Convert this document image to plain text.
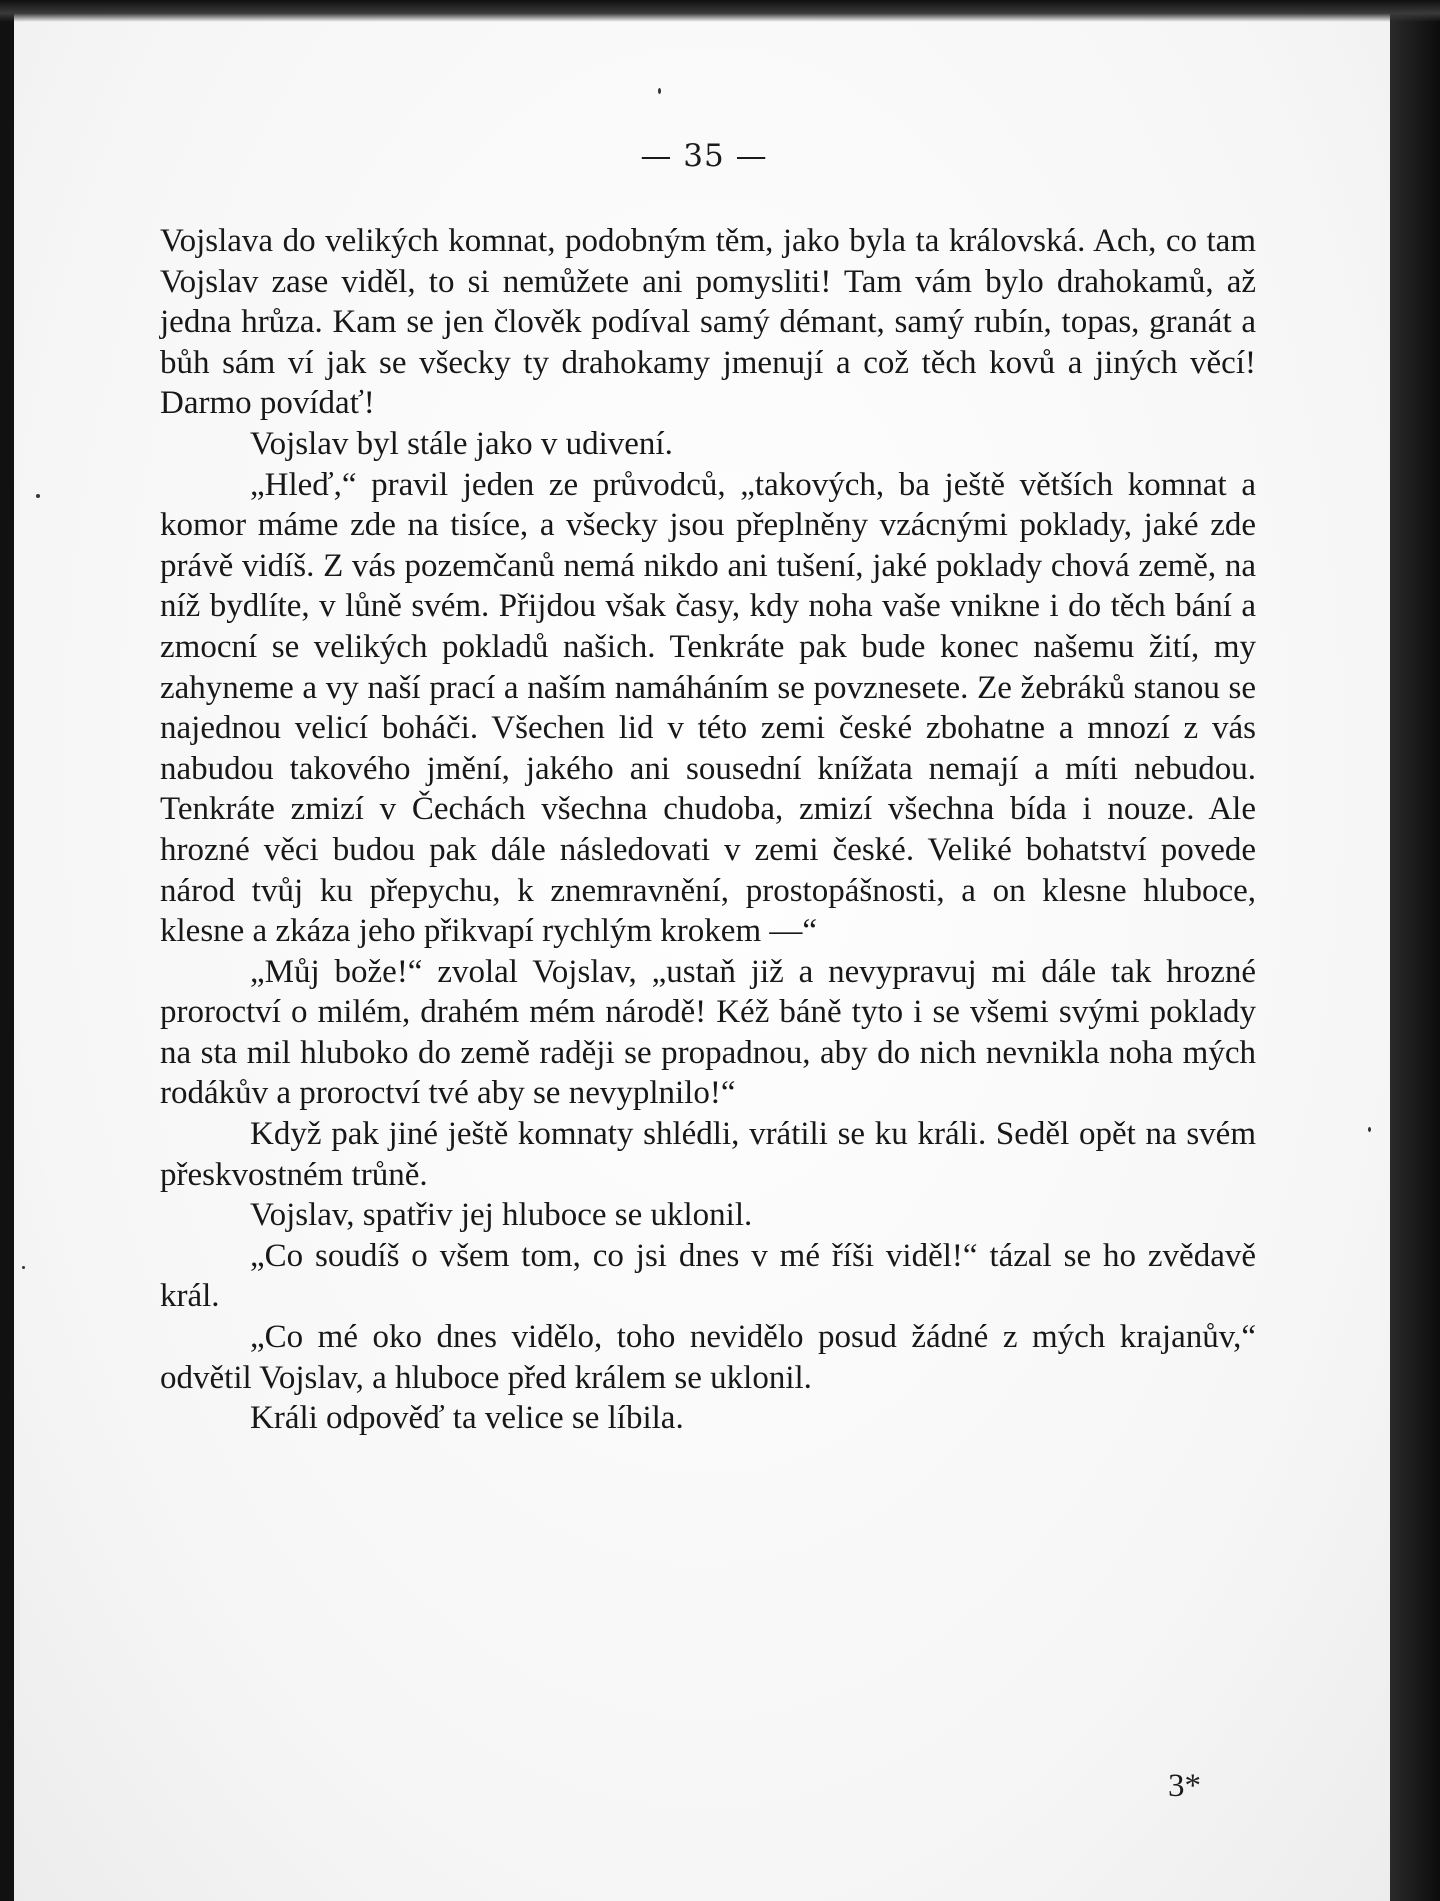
— 35 —

Vojslava do velikých komnat, podobným těm, jako byla ta královská. Ach, co tam Vojslav zase viděl, to si nemůžete ani pomysliti! Tam vám bylo drahokamů, až jedna hrůza. Kam se jen člověk podíval samý démant, samý rubín, topas, granát a bůh sám ví jak se všecky ty drahokamy jmenují a což těch kovů a jiných věcí! Darmo povídať!

Vojslav byl stále jako v udivení.

„Hleď,“ pravil jeden ze průvodců, „takových, ba ještě větších komnat a komor máme zde na tisíce, a všecky jsou přeplněny vzácnými poklady, jaké zde právě vidíš. Z vás pozemčanů nemá nikdo ani tušení, jaké poklady chová země, na níž bydlíte, v lůně svém. Přijdou však časy, kdy noha vaše vnikne i do těch bání a zmocní se velikých pokladů našich. Tenkráte pak bude konec našemu žití, my zahyneme a vy naší prací a naším namáháním se povznesete. Ze žebráků stanou se najednou velicí boháči. Všechen lid v této zemi české zbohatne a mnozí z vás nabudou takového jmění, jakého ani sousední knížata nemají a míti nebudou. Tenkráte zmizí v Čechách všechna chudoba, zmizí všechna bída i nouze. Ale hrozné věci budou pak dále následovati v zemi české. Veliké bohatství povede národ tvůj ku přepychu, k znemravnění, prostopášnosti, a on klesne hluboce, klesne a zkáza jeho přikvapí rychlým krokem —“

„Můj bože!“ zvolal Vojslav, „ustaň již a nevypravuj mi dále tak hrozné proroctví o milém, drahém mém národě! Kéž báně tyto i se všemi svými poklady na sta mil hluboko do země raději se propadnou, aby do nich nevnikla noha mých rodákův a proroctví tvé aby se nevyplnilo!“

Když pak jiné ještě komnaty shlédli, vrátili se ku králi. Seděl opět na svém přeskvostném trůně.

Vojslav, spatřiv jej hluboce se uklonil.

„Co soudíš o všem tom, co jsi dnes v mé říši viděl!“ tázal se ho zvědavě král.

„Co mé oko dnes vidělo, toho nevidělo posud žádné z mých krajanův,“ odvětil Vojslav, a hluboce před králem se uklonil.

Králi odpověď ta velice se líbila.

3*
